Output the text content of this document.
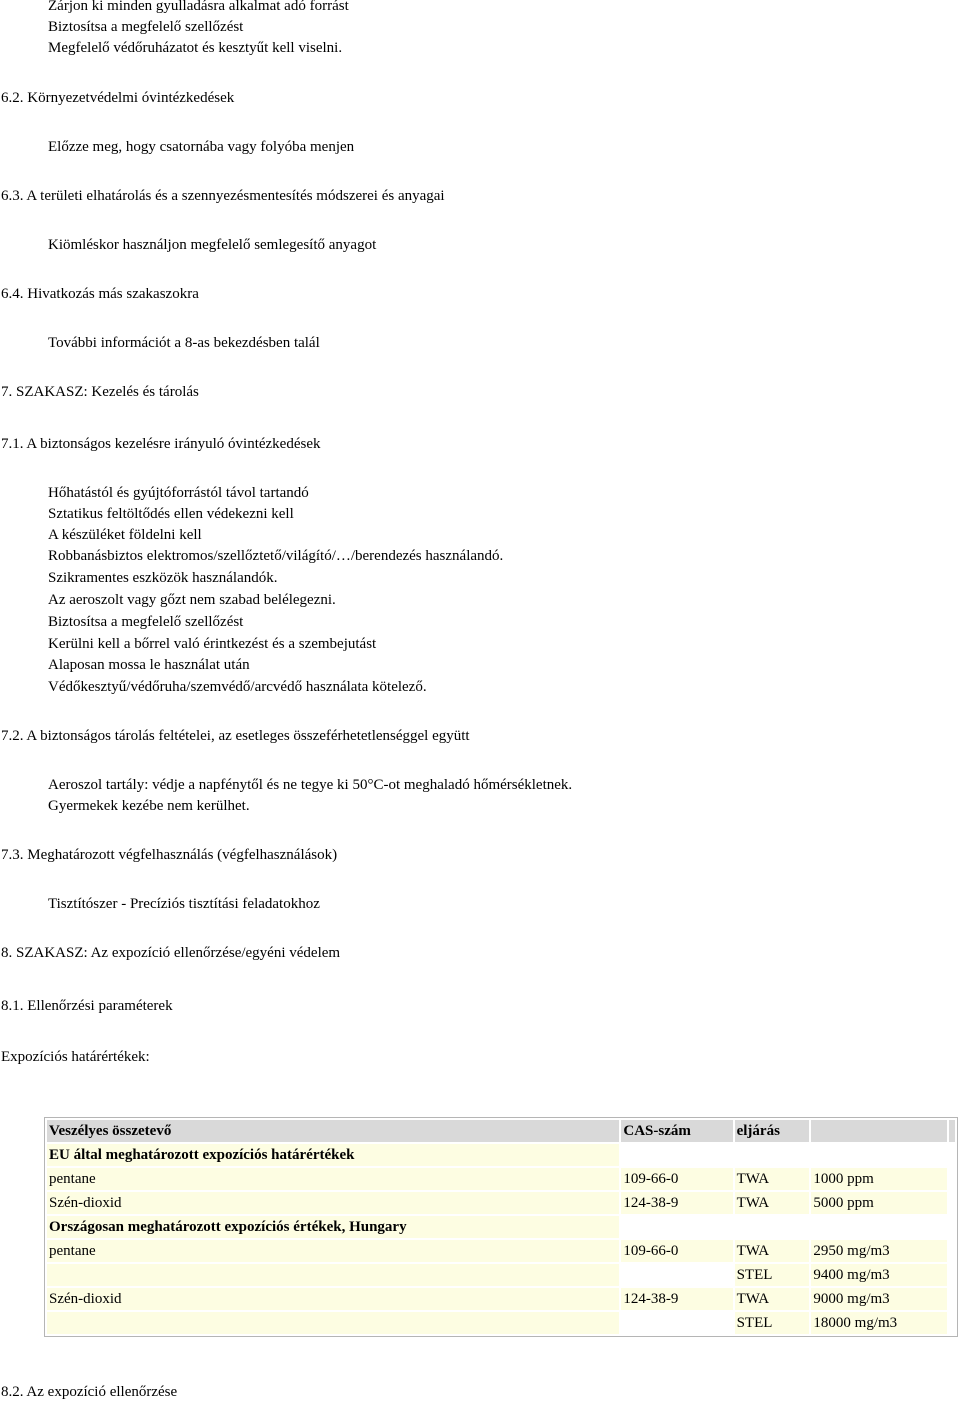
Zárjon ki minden gyulladásra alkalmat adó forrást
Biztosítsa a megfelelő szellőzést
Megfelelő védőruházatot és kesztyűt kell viselni.
6.2. Környezetvédelmi óvintézkedések
Előzze meg, hogy csatornába vagy folyóba menjen
6.3. A területi elhatárolás és a szennyezésmentesítés módszerei és anyagai
Kiömléskor használjon megfelelő semlegesítő anyagot
6.4. Hivatkozás más szakaszokra
További információt a 8-as bekezdésben talál
7. SZAKASZ: Kezelés és tárolás
7.1. A biztonságos kezelésre irányuló óvintézkedések
Hőhatástól és gyújtóforrástól távol tartandó
Sztatikus feltöltődés ellen védekezni kell
A készüléket földelni kell
Robbanásbiztos elektromos/szellőztető/világító/…/berendezés használandó.
Szikramentes eszközök használandók.
Az aeroszolt vagy gőzt nem szabad belélegezni.
Biztosítsa a megfelelő szellőzést
Kerülni kell a bőrrel való érintkezést és a szembejutást
Alaposan mossa le használat után
Védőkesztyű/védőruha/szemvédő/arcvédő használata kötelező.
7.2. A biztonságos tárolás feltételei, az esetleges összeférhetetlenséggel együtt
Aeroszol tartály: védje a napfénytől és ne tegye ki 50°C-ot meghaladó hőmérsékletnek.
Gyermekek kezébe nem kerülhet.
7.3. Meghatározott végfelhasználás (végfelhasználások)
Tisztítószer - Precíziós tisztítási feladatokhoz
8. SZAKASZ: Az expozíció ellenőrzése/egyéni védelem
8.1. Ellenőrzési paraméterek
Expozíciós határértékek:
Veszélyes összetevő	CAS-szám	eljárás		
EU által meghatározott expozíciós határértékek				
pentane	109-66-0	TWA	1000 ppm	
Szén-dioxid	124-38-9	TWA	5000 ppm	
Országosan meghatározott expozíciós értékek, Hungary				
pentane	109-66-0	TWA	2950 mg/m3	
		STEL	9400 mg/m3	
Szén-dioxid	124-38-9	TWA	9000 mg/m3	
		STEL	18000 mg/m3	
8.2. Az expozíció ellenőrzése
